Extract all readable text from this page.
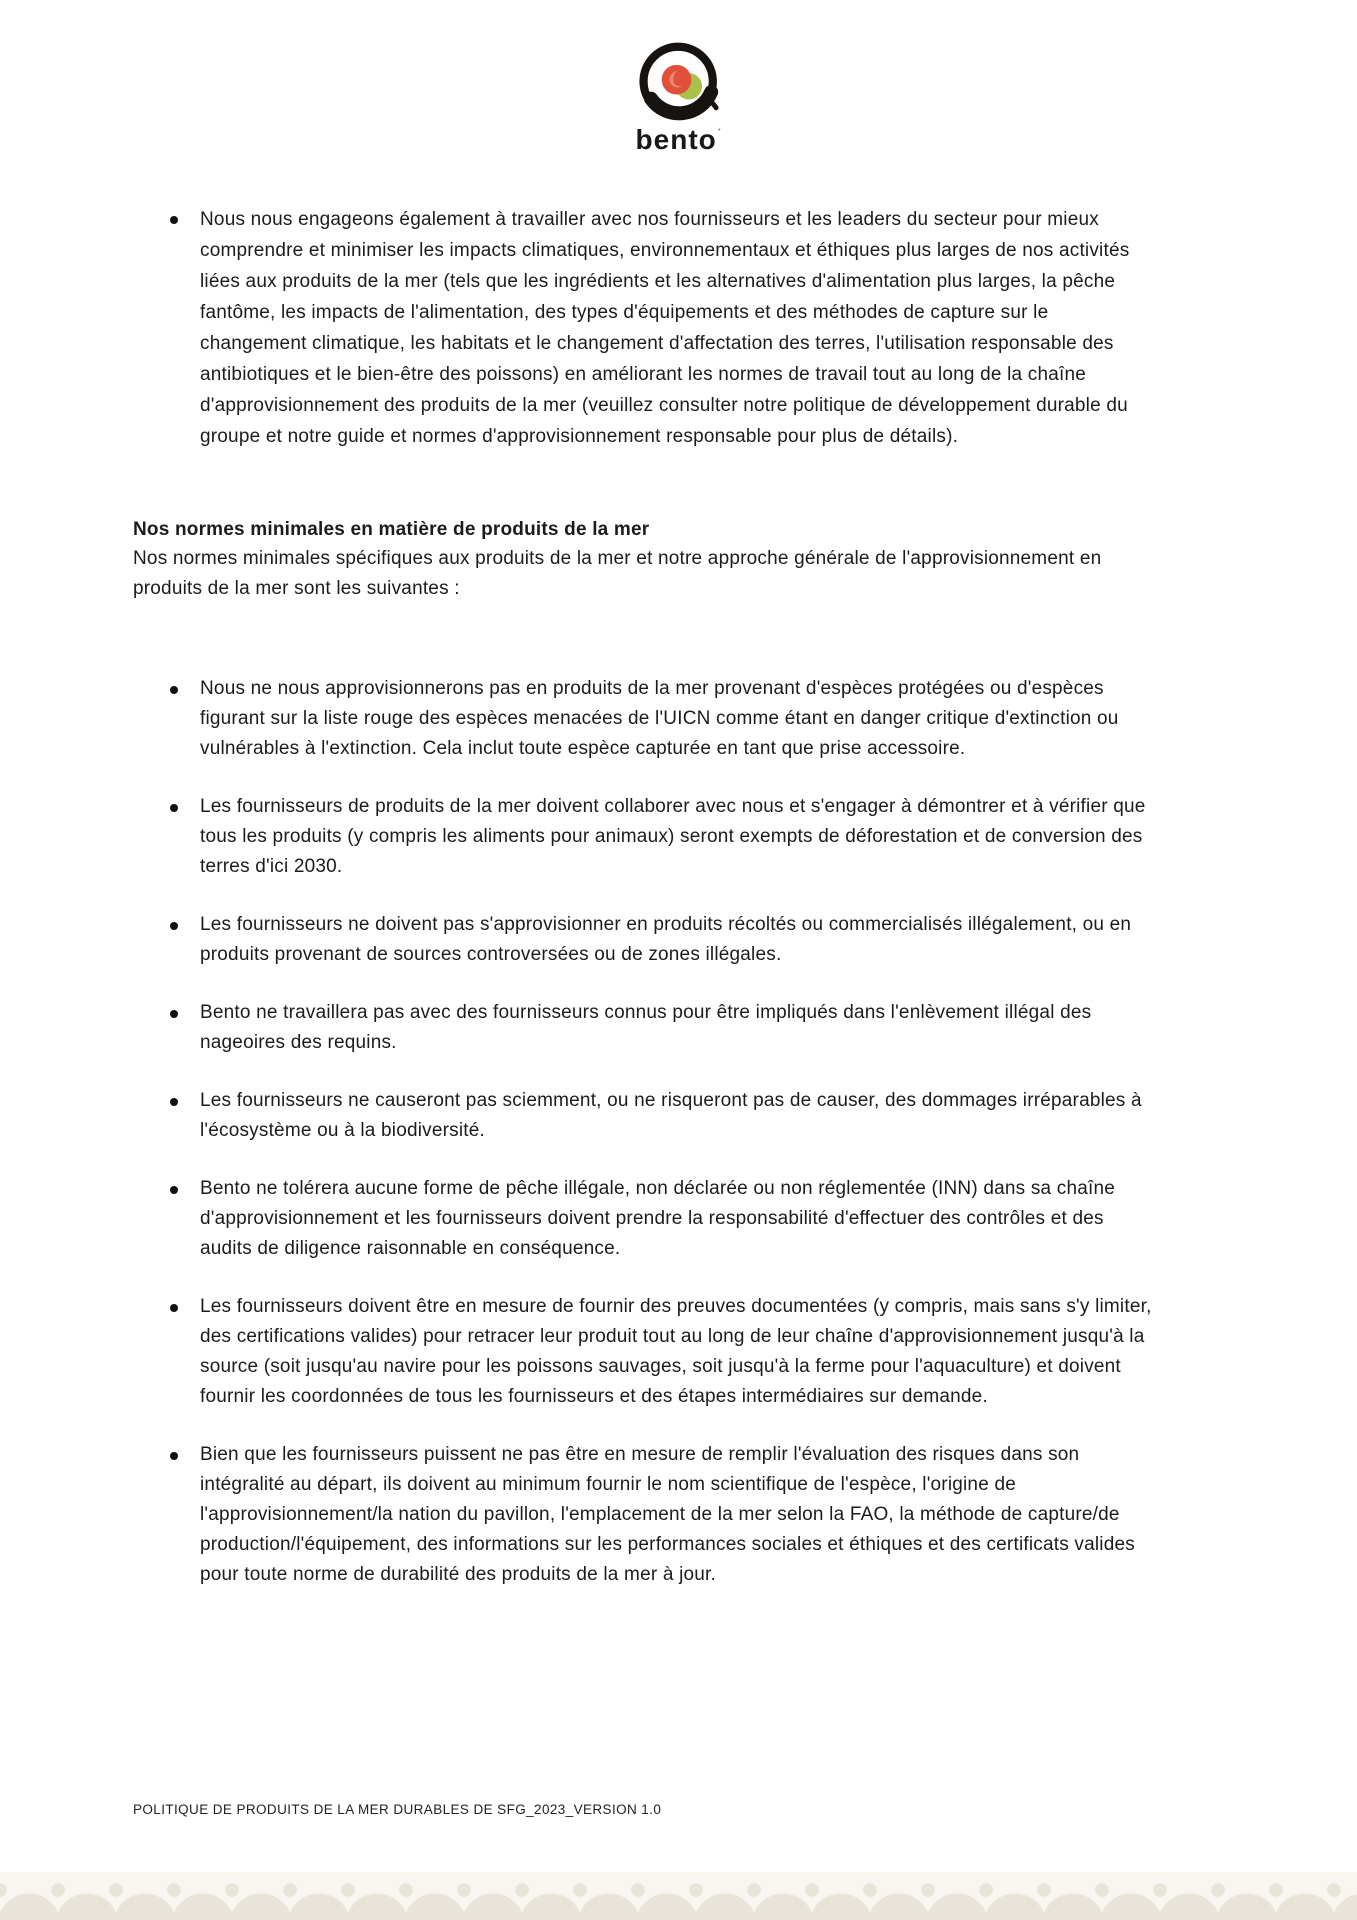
bento´
Nous nous engageons également à travailler avec nos fournisseurs et les leaders du secteur pour mieux comprendre et minimiser les impacts climatiques, environnementaux et éthiques plus larges de nos activités liées aux produits de la mer (tels que les ingrédients et les alternatives d'alimentation plus larges, la pêche fantôme, les impacts de l'alimentation, des types d'équipements et des méthodes de capture sur le changement climatique, les habitats et le changement d'affectation des terres, l'utilisation responsable des antibiotiques et le bien-être des poissons) en améliorant les normes de travail tout au long de la chaîne d'approvisionnement des produits de la mer (veuillez consulter notre politique de développement durable du groupe et notre guide et normes d'approvisionnement responsable pour plus de détails).
Nos normes minimales en matière de produits de la mer

Nos normes minimales spécifiques aux produits de la mer et notre approche générale de l'approvisionnement en produits de la mer sont les suivantes :

Nous ne nous approvisionnerons pas en produits de la mer provenant d'espèces protégées ou d'espèces figurant sur la liste rouge des espèces menacées de l'UICN comme étant en danger critique d'extinction ou vulnérables à l'extinction. Cela inclut toute espèce capturée en tant que prise accessoire.
Les fournisseurs de produits de la mer doivent collaborer avec nous et s'engager à démontrer et à vérifier que tous les produits (y compris les aliments pour animaux) seront exempts de déforestation et de conversion des terres d'ici 2030.
Les fournisseurs ne doivent pas s'approvisionner en produits récoltés ou commercialisés illégalement, ou en produits provenant de sources controversées ou de zones illégales.
Bento ne travaillera pas avec des fournisseurs connus pour être impliqués dans l'enlèvement illégal des nageoires des requins.
Les fournisseurs ne causeront pas sciemment, ou ne risqueront pas de causer, des dommages irréparables à l'écosystème ou à la biodiversité.
Bento ne tolérera aucune forme de pêche illégale, non déclarée ou non réglementée (INN) dans sa chaîne d'approvisionnement et les fournisseurs doivent prendre la responsabilité d'effectuer des contrôles et des audits de diligence raisonnable en conséquence.
Les fournisseurs doivent être en mesure de fournir des preuves documentées (y compris, mais sans s'y limiter, des certifications valides) pour retracer leur produit tout au long de leur chaîne d'approvisionnement jusqu'à la source (soit jusqu'au navire pour les poissons sauvages, soit jusqu'à la ferme pour l'aquaculture) et doivent fournir les coordonnées de tous les fournisseurs et des étapes intermédiaires sur demande.
Bien que les fournisseurs puissent ne pas être en mesure de remplir l'évaluation des risques dans son intégralité au départ, ils doivent au minimum fournir le nom scientifique de l'espèce, l'origine de l'approvisionnement/la nation du pavillon, l'emplacement de la mer selon la FAO, la méthode de capture/de production/l'équipement, des informations sur les performances sociales et éthiques et des certificats valides pour toute norme de durabilité des produits de la mer à jour.
POLITIQUE DE PRODUITS DE LA MER DURABLES DE SFG_2023_VERSION 1.0
